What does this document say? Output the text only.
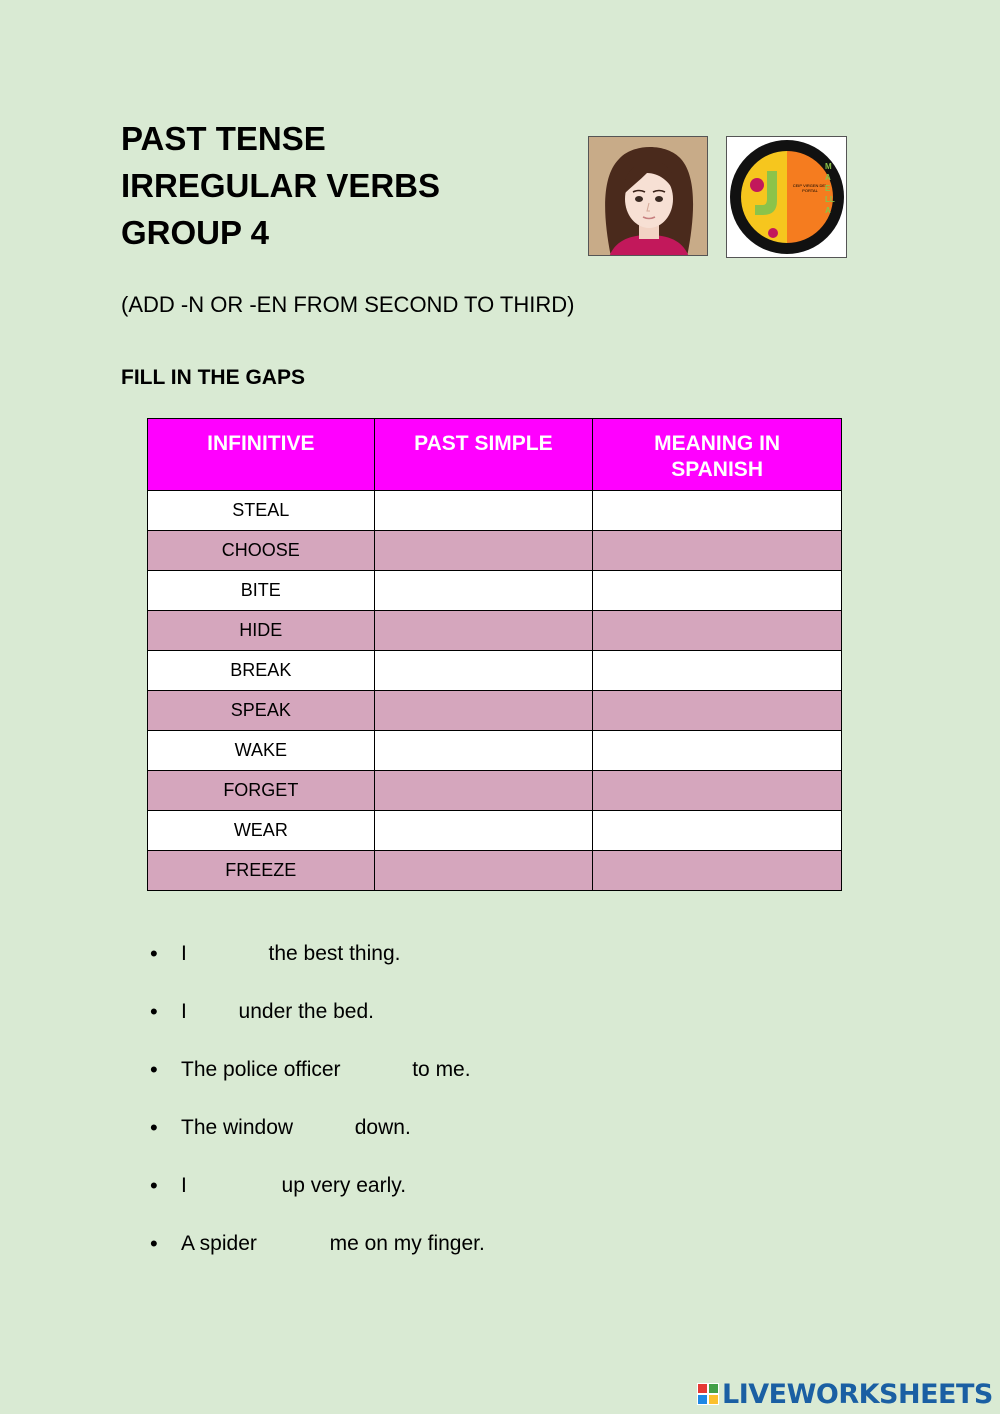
PAST TENSE
IRREGULAR VERBS
GROUP 4
CEIP VIRGEN DEL PORTAL
MAELLA
(ADD -N OR -EN FROM SECOND TO THIRD)
FILL IN THE GAPS
INFINITIVE	PAST SIMPLE	MEANING IN SPANISH
STEAL		
CHOOSE		
BITE		
HIDE		
BREAK		
SPEAK		
WAKE		
FORGET		
WEAR		
FREEZE		
• I	the best thing.
• I under the bed.
• The police officer	to me.
• The window	down.
• I	up very early.
• A spider	me on my finger.
LIVEWORKSHEETS
